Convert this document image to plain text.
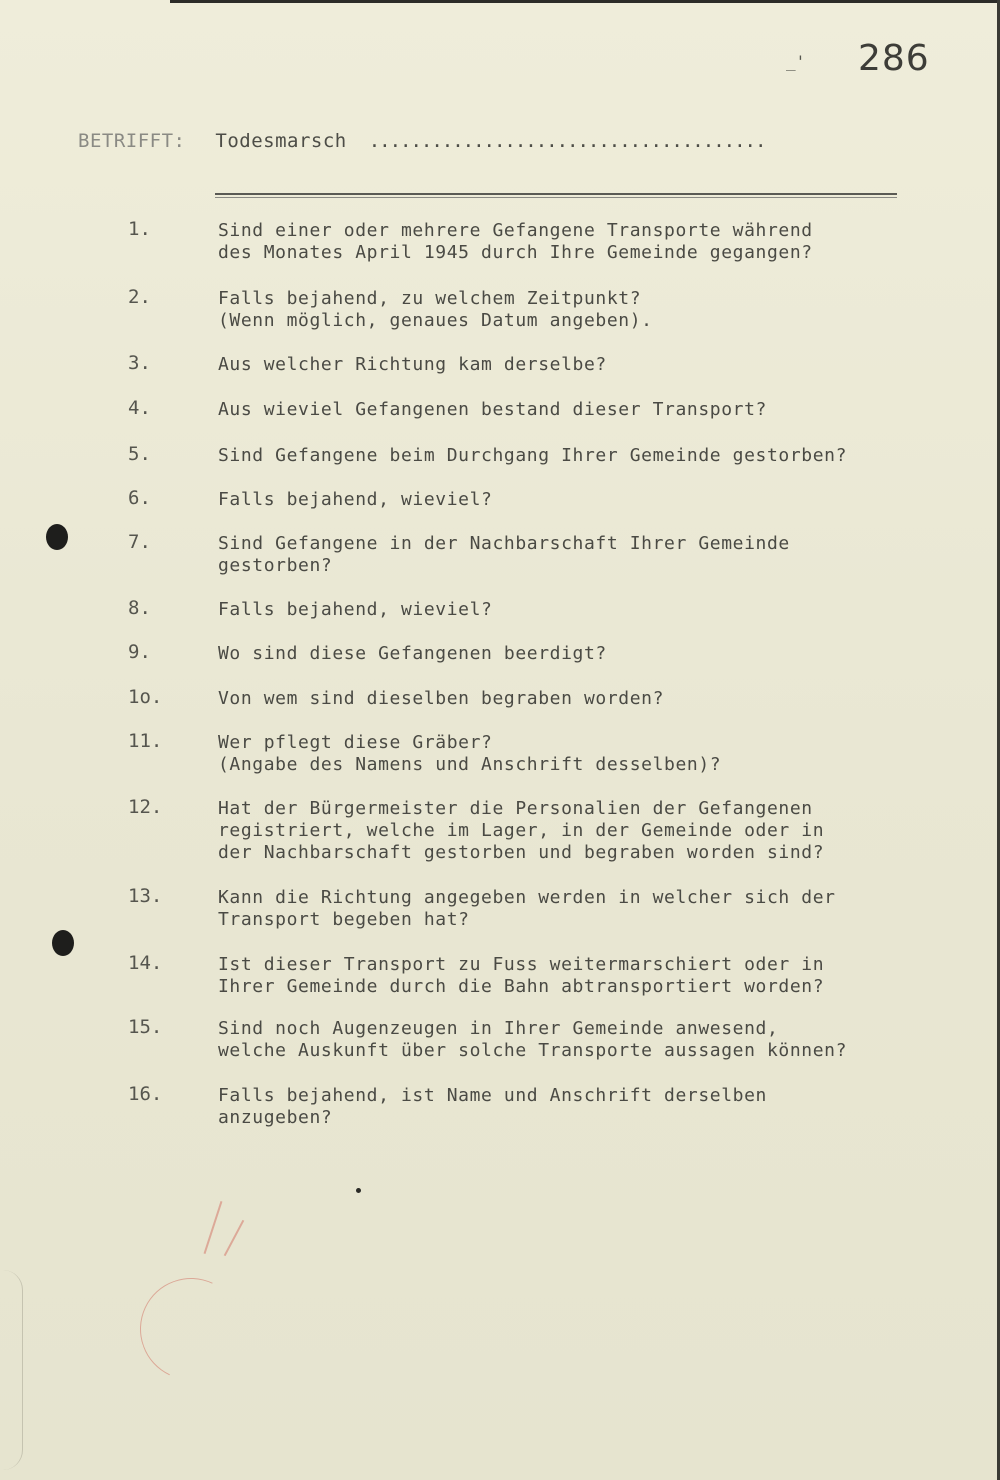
_' 286
BETRIFFT: Todesmarsch ......................................
1.	Sind einer oder mehrere Gefangene Transporte während
des Monates April 1945 durch Ihre Gemeinde gegangen?
2.	Falls bejahend, zu welchem Zeitpunkt?
(Wenn möglich, genaues Datum angeben).
3.	Aus welcher Richtung kam derselbe?
4.	Aus wieviel Gefangenen bestand dieser Transport?
5.	Sind Gefangene beim Durchgang Ihrer Gemeinde gestorben?
6.	Falls bejahend, wieviel?
7.	Sind Gefangene in der Nachbarschaft Ihrer Gemeinde
gestorben?
8.	Falls bejahend, wieviel?
9.	Wo sind diese Gefangenen beerdigt?
1o.	Von wem sind dieselben begraben worden?
11.	Wer pflegt diese Gräber?
(Angabe des Namens und Anschrift desselben)?
12.	Hat der Bürgermeister die Personalien der Gefangenen
registriert, welche im Lager, in der Gemeinde oder in
der Nachbarschaft gestorben und begraben worden sind?
13.	Kann die Richtung angegeben werden in welcher sich der
Transport begeben hat?
14.	Ist dieser Transport zu Fuss weitermarschiert oder in
Ihrer Gemeinde durch die Bahn abtransportiert worden?
15.	Sind noch Augenzeugen in Ihrer Gemeinde anwesend,
welche Auskunft über solche Transporte aussagen können?
16.	Falls bejahend, ist Name und Anschrift derselben
anzugeben?
